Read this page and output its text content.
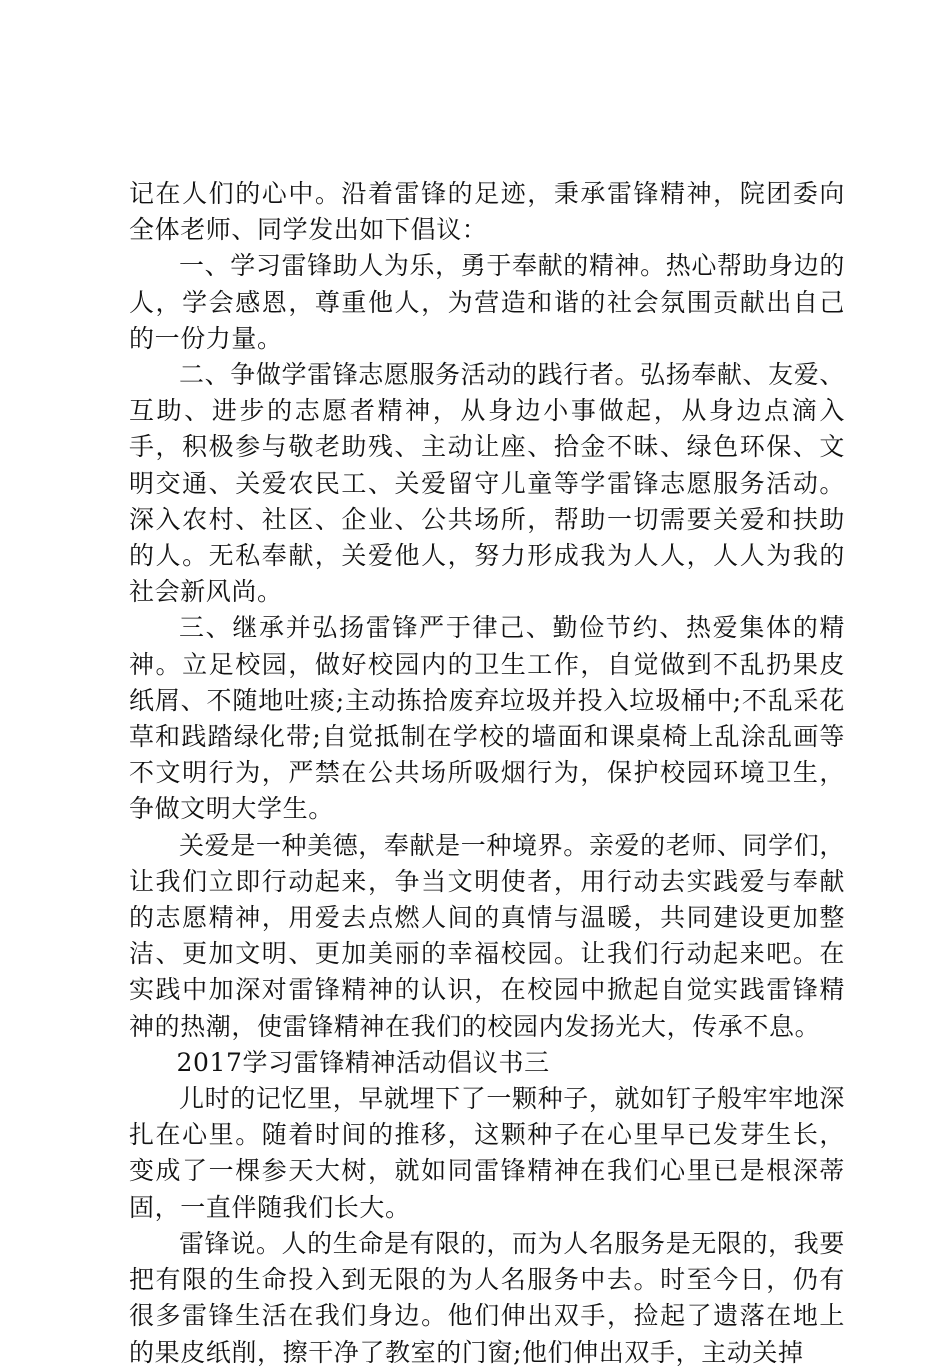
记在人们的心中。沿着雷锋的足迹，秉承雷锋精神，院团委向全体老师、同学发出如下倡议：

一、学习雷锋助人为乐，勇于奉献的精神。热心帮助身边的人，学会感恩，尊重他人，为营造和谐的社会氛围贡献出自己的一份力量。

二、争做学雷锋志愿服务活动的践行者。弘扬奉献、友爱、互助、进步的志愿者精神，从身边小事做起，从身边点滴入手，积极参与敬老助残、主动让座、拾金不昧、绿色环保、文明交通、关爱农民工、关爱留守儿童等学雷锋志愿服务活动。深入农村、社区、企业、公共场所，帮助一切需要关爱和扶助的人。无私奉献，关爱他人，努力形成我为人人，人人为我的社会新风尚。

三、继承并弘扬雷锋严于律己、勤俭节约、热爱集体的精神。立足校园，做好校园内的卫生工作，自觉做到不乱扔果皮纸屑、不随地吐痰;主动拣拾废弃垃圾并投入垃圾桶中;不乱采花草和践踏绿化带;自觉抵制在学校的墙面和课桌椅上乱涂乱画等不文明行为，严禁在公共场所吸烟行为，保护校园环境卫生，争做文明大学生。

关爱是一种美德，奉献是一种境界。亲爱的老师、同学们，让我们立即行动起来，争当文明使者，用行动去实践爱与奉献的志愿精神，用爱去点燃人间的真情与温暖，共同建设更加整洁、更加文明、更加美丽的幸福校园。让我们行动起来吧。在实践中加深对雷锋精神的认识，在校园中掀起自觉实践雷锋精神的热潮，使雷锋精神在我们的校园内发扬光大，传承不息。

2017学习雷锋精神活动倡议书三

儿时的记忆里，早就埋下了一颗种子，就如钉子般牢牢地深扎在心里。随着时间的推移，这颗种子在心里早已发芽生长，变成了一棵参天大树，就如同雷锋精神在我们心里已是根深蒂固，一直伴随我们长大。

雷锋说。人的生命是有限的，而为人名服务是无限的，我要把有限的生命投入到无限的为人名服务中去。时至今日，仍有很多雷锋生活在我们身边。他们伸出双手，捡起了遗落在地上的果皮纸削，擦干净了教室的门窗;他们伸出双手，主动关掉
